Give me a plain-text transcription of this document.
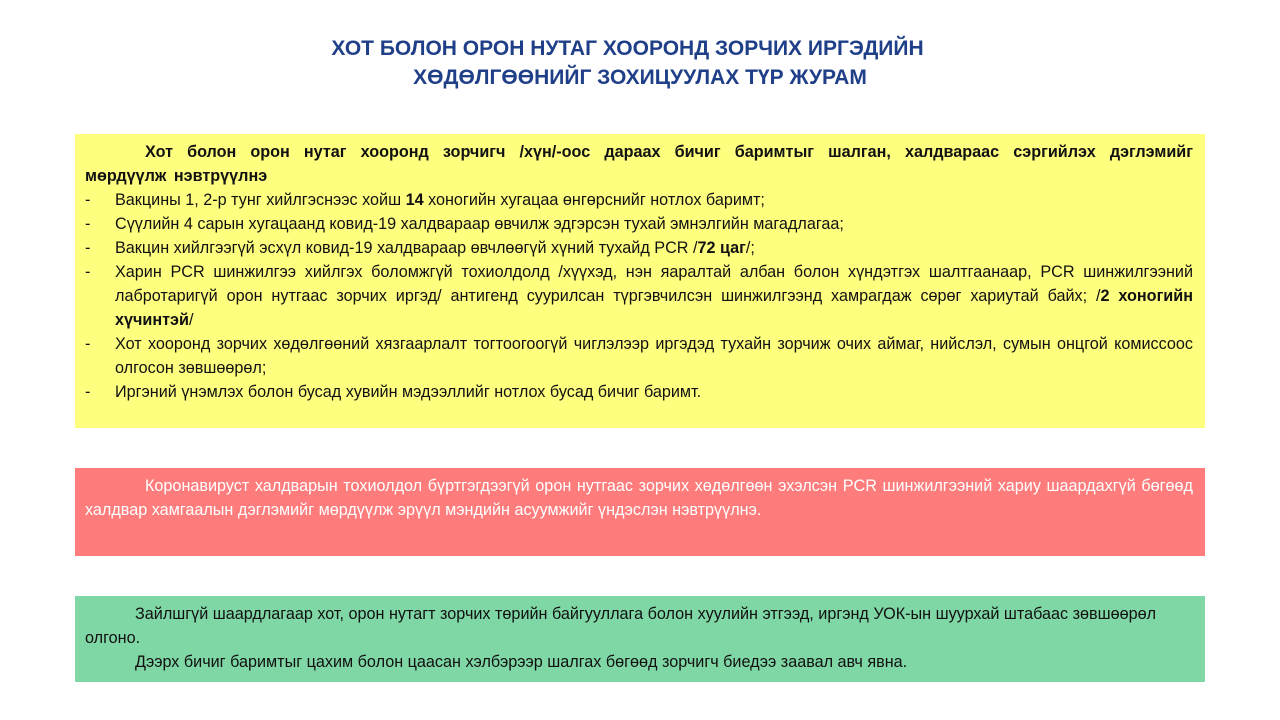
ХОТ БОЛОН ОРОН НУТАГ ХООРОНД ЗОРЧИХ ИРГЭДИЙН
ХӨДӨЛГӨӨНИЙГ ЗОХИЦУУЛАХ ТҮР ЖУРАМ

Хот болон орон нутаг хооронд зорчигч /хүн/-оос дараах бичиг баримтыг шалган, халдвараас сэргийлэх дэглэмийг мөрдүүлж нэвтрүүлнэ

- Вакцины 1, 2-р тунг хийлгэснээс хойш 14 хоногийн хугацаа өнгөрснийг нотлох баримт;
- Сүүлийн 4 сарын хугацаанд ковид-19 халдвараар өвчилж эдгэрсэн тухай эмнэлгийн магадлагаа;
- Вакцин хийлгээгүй эсхүл ковид-19 халдвараар өвчлөөгүй хүний тухайд PCR /72 цаг/;
- Харин PCR шинжилгээ хийлгэх боломжгүй тохиолдолд /хүүхэд, нэн яаралтай албан болон хүндэтгэх шалтгаанаар, PCR шинжилгээний лабротаригүй орон нутгаас зорчих иргэд/ антигенд суурилсан түргэвчилсэн шинжилгээнд хамрагдаж сөрөг хариутай байх; /2 хоногийн хүчинтэй/
- Хот хооронд зорчих хөдөлгөөний хязгаарлалт тогтоогоогүй чиглэлээр иргэдэд тухайн зорчиж очих аймаг, нийслэл, сумын онцгой комиссоос олгосон зөвшөөрөл;
- Иргэний үнэмлэх болон бусад хувийн мэдээллийг нотлох бусад бичиг баримт.

Коронавируст халдварын тохиолдол бүртгэгдээгүй орон нутгаас зорчих хөдөлгөөн эхэлсэн PCR шинжилгээний хариу шаардахгүй бөгөөд халдвар хамгаалын дэглэмийг мөрдүүлж эрүүл мэндийн асуумжийг үндэслэн нэвтрүүлнэ.

Зайлшгүй шаардлагаар хот, орон нутагт зорчих төрийн байгууллага болон хуулийн этгээд, иргэнд УОК-ын шуурхай штабаас зөвшөөрөл олгоно.

Дээрх бичиг баримтыг цахим болон цаасан хэлбэрээр шалгах бөгөөд зорчигч биедээ заавал авч явна.
